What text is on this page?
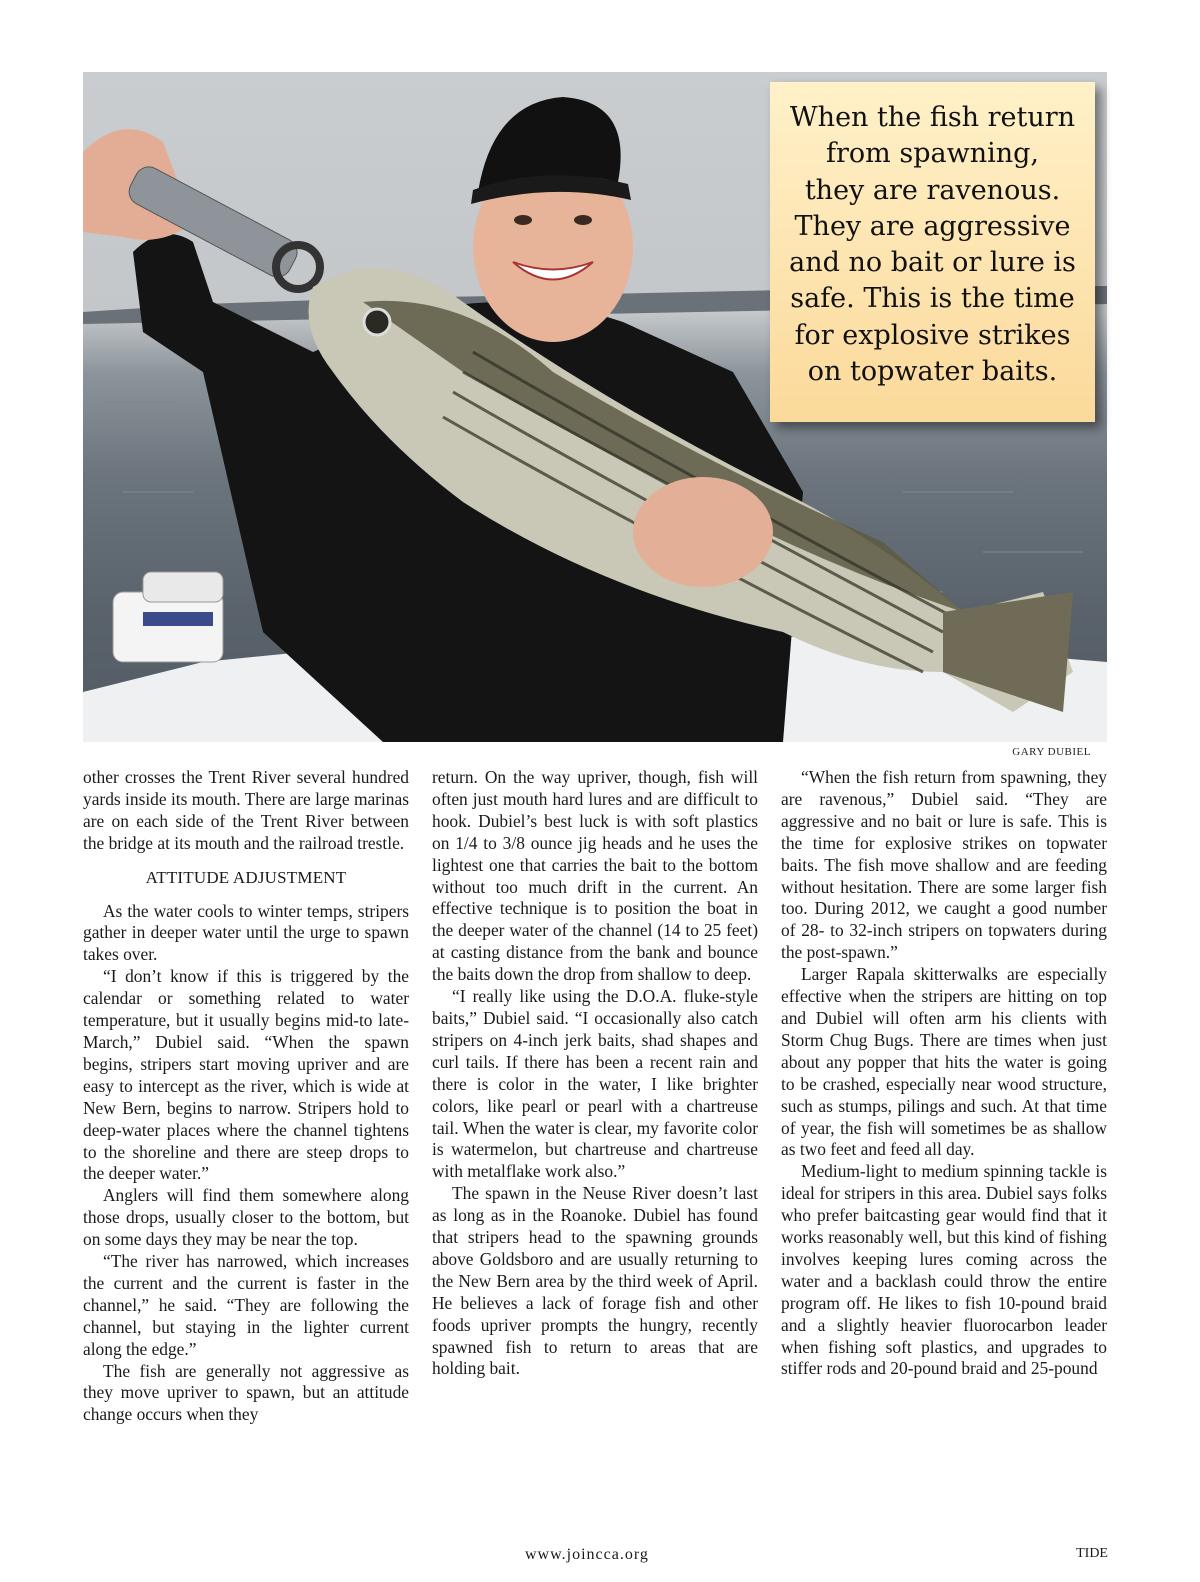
When the fish return
from spawning,
they are ravenous.
They are aggressive
and no bait or lure is
safe. This is the time
for explosive strikes
on topwater baits.
GARY DUBIEL

other crosses the Trent River several hundred yards inside its mouth. There are large marinas are on each side of the Trent River between the bridge at its mouth and the railroad trestle.

ATTITUDE ADJUSTMENT

As the water cools to winter temps, stripers gather in deeper water until the urge to spawn takes over.

“I don’t know if this is triggered by the calendar or something related to water temperature, but it usually begins mid-to late-March,” Dubiel said. “When the spawn begins, stripers start moving upriver and are easy to intercept as the river, which is wide at New Bern, begins to narrow. Stripers hold to deep-water places where the channel tightens to the shoreline and there are steep drops to the deeper water.”

Anglers will find them somewhere along those drops, usually closer to the bottom, but on some days they may be near the top.

“The river has narrowed, which increases the current and the current is faster in the channel,” he said. “They are following the channel, but staying in the lighter current along the edge.”

The fish are generally not aggressive as they move upriver to spawn, but an attitude change occurs when they

return. On the way upriver, though, fish will often just mouth hard lures and are difficult to hook. Dubiel’s best luck is with soft plastics on 1/4 to 3/8 ounce jig heads and he uses the lightest one that carries the bait to the bottom without too much drift in the current. An effective technique is to position the boat in the deeper water of the channel (14 to 25 feet) at casting distance from the bank and bounce the baits down the drop from shallow to deep.

“I really like using the D.O.A. fluke-style baits,” Dubiel said. “I occasionally also catch stripers on 4-inch jerk baits, shad shapes and curl tails. If there has been a recent rain and there is color in the water, I like brighter colors, like pearl or pearl with a chartreuse tail. When the water is clear, my favorite color is watermelon, but chartreuse and chartreuse with metalflake work also.”

The spawn in the Neuse River doesn’t last as long as in the Roanoke. Dubiel has found that stripers head to the spawning grounds above Goldsboro and are usually returning to the New Bern area by the third week of April. He believes a lack of forage fish and other foods upriver prompts the hungry, recently spawned fish to return to areas that are holding bait.

“When the fish return from spawning, they are ravenous,” Dubiel said. “They are aggressive and no bait or lure is safe. This is the time for explosive strikes on topwater baits. The fish move shallow and are feeding without hesitation. There are some larger fish too. During 2012, we caught a good number of 28- to 32-inch stripers on topwaters during the post-spawn.”

Larger Rapala skitterwalks are especially effective when the stripers are hitting on top and Dubiel will often arm his clients with Storm Chug Bugs. There are times when just about any popper that hits the water is going to be crashed, especially near wood structure, such as stumps, pilings and such. At that time of year, the fish will sometimes be as shallow as two feet and feed all day.

Medium-light to medium spinning tackle is ideal for stripers in this area. Dubiel says folks who prefer baitcasting gear would find that it works reasonably well, but this kind of fishing involves keeping lures coming across the water and a backlash could throw the entire program off. He likes to fish 10-pound braid and a slightly heavier fluorocarbon leader when fishing soft plastics, and upgrades to stiffer rods and 20-pound braid and 25-pound

www.joincca.org	TIDE
